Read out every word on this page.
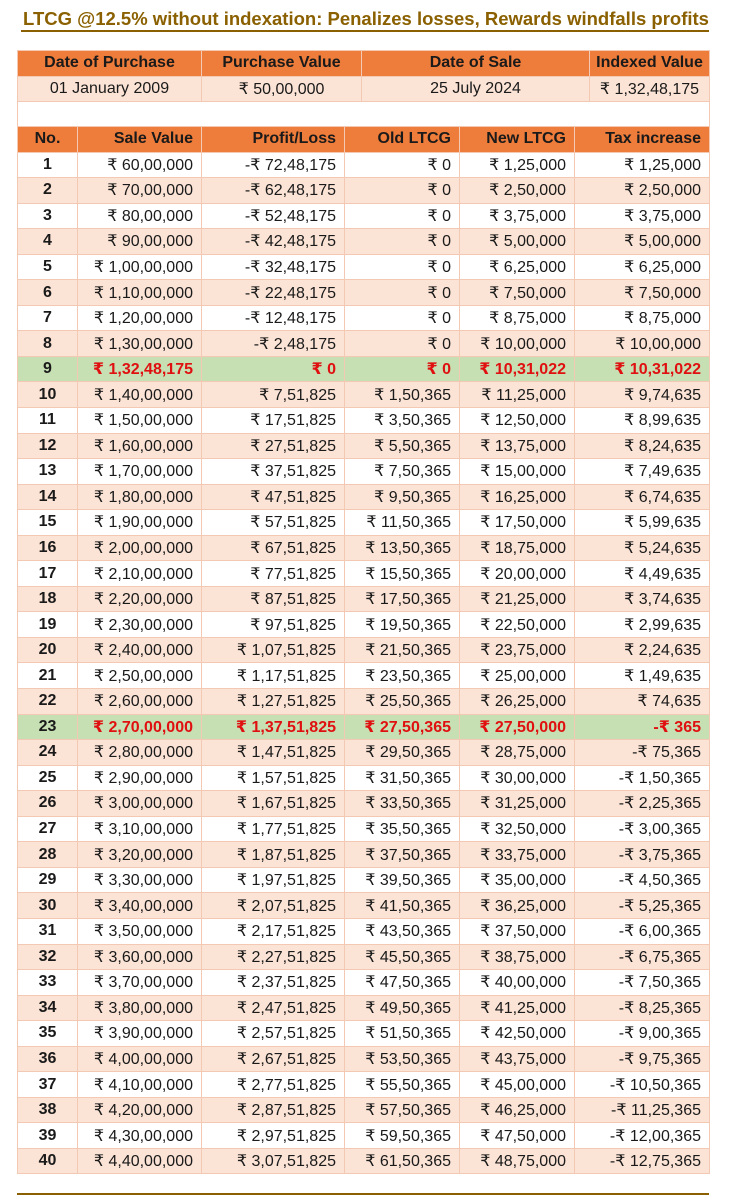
LTCG @12.5% without indexation: Penalizes losses, Rewards windfalls profits
Date of Purchase	Purchase Value	Date of Sale	Indexed Value
01 January 2009	₹ 50,00,000	25 July 2024	₹ 1,32,48,175

No.	Sale Value	Profit/Loss	Old LTCG	New LTCG	Tax increase
1	₹ 60,00,000	-₹ 72,48,175	₹ 0	₹ 1,25,000	₹ 1,25,000
2	₹ 70,00,000	-₹ 62,48,175	₹ 0	₹ 2,50,000	₹ 2,50,000
3	₹ 80,00,000	-₹ 52,48,175	₹ 0	₹ 3,75,000	₹ 3,75,000
4	₹ 90,00,000	-₹ 42,48,175	₹ 0	₹ 5,00,000	₹ 5,00,000
5	₹ 1,00,00,000	-₹ 32,48,175	₹ 0	₹ 6,25,000	₹ 6,25,000
6	₹ 1,10,00,000	-₹ 22,48,175	₹ 0	₹ 7,50,000	₹ 7,50,000
7	₹ 1,20,00,000	-₹ 12,48,175	₹ 0	₹ 8,75,000	₹ 8,75,000
8	₹ 1,30,00,000	-₹ 2,48,175	₹ 0	₹ 10,00,000	₹ 10,00,000
9	₹ 1,32,48,175	₹ 0	₹ 0	₹ 10,31,022	₹ 10,31,022
10	₹ 1,40,00,000	₹ 7,51,825	₹ 1,50,365	₹ 11,25,000	₹ 9,74,635
11	₹ 1,50,00,000	₹ 17,51,825	₹ 3,50,365	₹ 12,50,000	₹ 8,99,635
12	₹ 1,60,00,000	₹ 27,51,825	₹ 5,50,365	₹ 13,75,000	₹ 8,24,635
13	₹ 1,70,00,000	₹ 37,51,825	₹ 7,50,365	₹ 15,00,000	₹ 7,49,635
14	₹ 1,80,00,000	₹ 47,51,825	₹ 9,50,365	₹ 16,25,000	₹ 6,74,635
15	₹ 1,90,00,000	₹ 57,51,825	₹ 11,50,365	₹ 17,50,000	₹ 5,99,635
16	₹ 2,00,00,000	₹ 67,51,825	₹ 13,50,365	₹ 18,75,000	₹ 5,24,635
17	₹ 2,10,00,000	₹ 77,51,825	₹ 15,50,365	₹ 20,00,000	₹ 4,49,635
18	₹ 2,20,00,000	₹ 87,51,825	₹ 17,50,365	₹ 21,25,000	₹ 3,74,635
19	₹ 2,30,00,000	₹ 97,51,825	₹ 19,50,365	₹ 22,50,000	₹ 2,99,635
20	₹ 2,40,00,000	₹ 1,07,51,825	₹ 21,50,365	₹ 23,75,000	₹ 2,24,635
21	₹ 2,50,00,000	₹ 1,17,51,825	₹ 23,50,365	₹ 25,00,000	₹ 1,49,635
22	₹ 2,60,00,000	₹ 1,27,51,825	₹ 25,50,365	₹ 26,25,000	₹ 74,635
23	₹ 2,70,00,000	₹ 1,37,51,825	₹ 27,50,365	₹ 27,50,000	-₹ 365
24	₹ 2,80,00,000	₹ 1,47,51,825	₹ 29,50,365	₹ 28,75,000	-₹ 75,365
25	₹ 2,90,00,000	₹ 1,57,51,825	₹ 31,50,365	₹ 30,00,000	-₹ 1,50,365
26	₹ 3,00,00,000	₹ 1,67,51,825	₹ 33,50,365	₹ 31,25,000	-₹ 2,25,365
27	₹ 3,10,00,000	₹ 1,77,51,825	₹ 35,50,365	₹ 32,50,000	-₹ 3,00,365
28	₹ 3,20,00,000	₹ 1,87,51,825	₹ 37,50,365	₹ 33,75,000	-₹ 3,75,365
29	₹ 3,30,00,000	₹ 1,97,51,825	₹ 39,50,365	₹ 35,00,000	-₹ 4,50,365
30	₹ 3,40,00,000	₹ 2,07,51,825	₹ 41,50,365	₹ 36,25,000	-₹ 5,25,365
31	₹ 3,50,00,000	₹ 2,17,51,825	₹ 43,50,365	₹ 37,50,000	-₹ 6,00,365
32	₹ 3,60,00,000	₹ 2,27,51,825	₹ 45,50,365	₹ 38,75,000	-₹ 6,75,365
33	₹ 3,70,00,000	₹ 2,37,51,825	₹ 47,50,365	₹ 40,00,000	-₹ 7,50,365
34	₹ 3,80,00,000	₹ 2,47,51,825	₹ 49,50,365	₹ 41,25,000	-₹ 8,25,365
35	₹ 3,90,00,000	₹ 2,57,51,825	₹ 51,50,365	₹ 42,50,000	-₹ 9,00,365
36	₹ 4,00,00,000	₹ 2,67,51,825	₹ 53,50,365	₹ 43,75,000	-₹ 9,75,365
37	₹ 4,10,00,000	₹ 2,77,51,825	₹ 55,50,365	₹ 45,00,000	-₹ 10,50,365
38	₹ 4,20,00,000	₹ 2,87,51,825	₹ 57,50,365	₹ 46,25,000	-₹ 11,25,365
39	₹ 4,30,00,000	₹ 2,97,51,825	₹ 59,50,365	₹ 47,50,000	-₹ 12,00,365
40	₹ 4,40,00,000	₹ 3,07,51,825	₹ 61,50,365	₹ 48,75,000	-₹ 12,75,365
